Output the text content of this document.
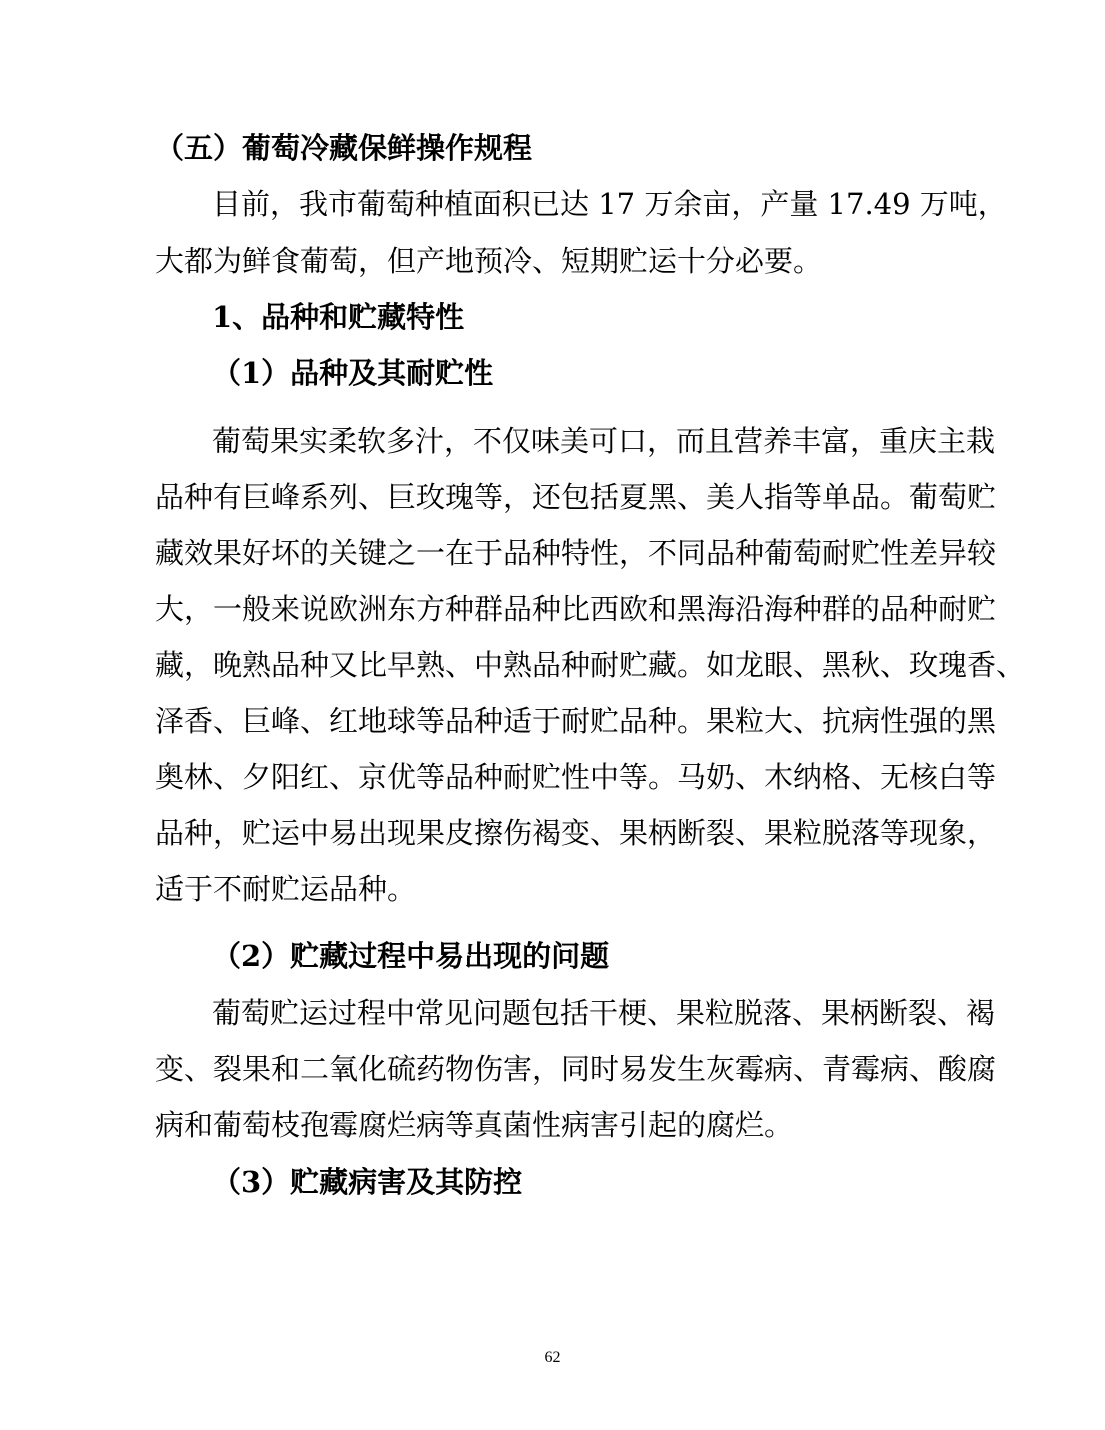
（五）葡萄冷藏保鲜操作规程
目前，我市葡萄种植面积已达 17 万余亩，产量 17.49 万吨，
大都为鲜食葡萄，但产地预冷、短期贮运十分必要。
1、品种和贮藏特性
（1）品种及其耐贮性
葡萄果实柔软多汁，不仅味美可口，而且营养丰富，重庆主栽
品种有巨峰系列、巨玫瑰等，还包括夏黑、美人指等单品。葡萄贮
藏效果好坏的关键之一在于品种特性，不同品种葡萄耐贮性差异较
大，一般来说欧洲东方种群品种比西欧和黑海沿海种群的品种耐贮
藏，晚熟品种又比早熟、中熟品种耐贮藏。如龙眼、黑秋、玫瑰香、
泽香、巨峰、红地球等品种适于耐贮品种。果粒大、抗病性强的黑
奥林、夕阳红、京优等品种耐贮性中等。马奶、木纳格、无核白等
品种，贮运中易出现果皮擦伤褐变、果柄断裂、果粒脱落等现象，
适于不耐贮运品种。
（2）贮藏过程中易出现的问题
葡萄贮运过程中常见问题包括干梗、果粒脱落、果柄断裂、褐
变、裂果和二氧化硫药物伤害，同时易发生灰霉病、青霉病、酸腐
病和葡萄枝孢霉腐烂病等真菌性病害引起的腐烂。
（3）贮藏病害及其防控
62
